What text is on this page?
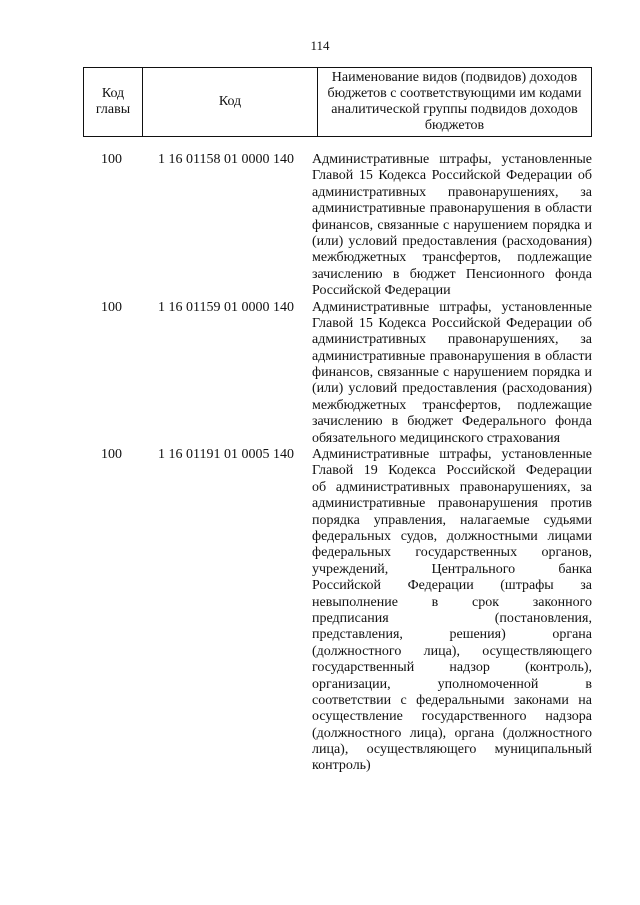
114
Код главы	Код	Наименование видов (подвидов) доходов бюджетов с соответствующими им кодами аналитической группы подвидов доходов бюджетов
100	1 16 01158 01 0000 140	Административные штрафы, установленные
Главой 15 Кодекса Российской Федерации об
административных правонарушениях, за
административные правонарушения в области
финансов, связанные с нарушением порядка и
(или) условий предоставления (расходования)
межбюджетных трансфертов, подлежащие
зачислению в бюджет Пенсионного фонда
Российской Федерации
100	1 16 01159 01 0000 140	Административные штрафы, установленные
Главой 15 Кодекса Российской Федерации об
административных правонарушениях, за
административные правонарушения в области
финансов, связанные с нарушением порядка и
(или) условий предоставления (расходования)
межбюджетных трансфертов, подлежащие
зачислению в бюджет Федерального фонда
обязательного медицинского страхования
100	1 16 01191 01 0005 140	Административные штрафы, установленные
Главой 19 Кодекса Российской Федерации
об административных правонарушениях, за
административные правонарушения против
порядка управления, налагаемые судьями
федеральных судов, должностными лицами
федеральных государственных органов,
учреждений, Центрального банка
Российской Федерации (штрафы за
невыполнение в срок законного
предписания (постановления,
представления, решения) органа
(должностного лица), осуществляющего
государственный надзор (контроль),
организации, уполномоченной в
соответствии с федеральными законами на
осуществление государственного надзора
(должностного лица), органа (должностного
лица), осуществляющего муниципальный
контроль)
